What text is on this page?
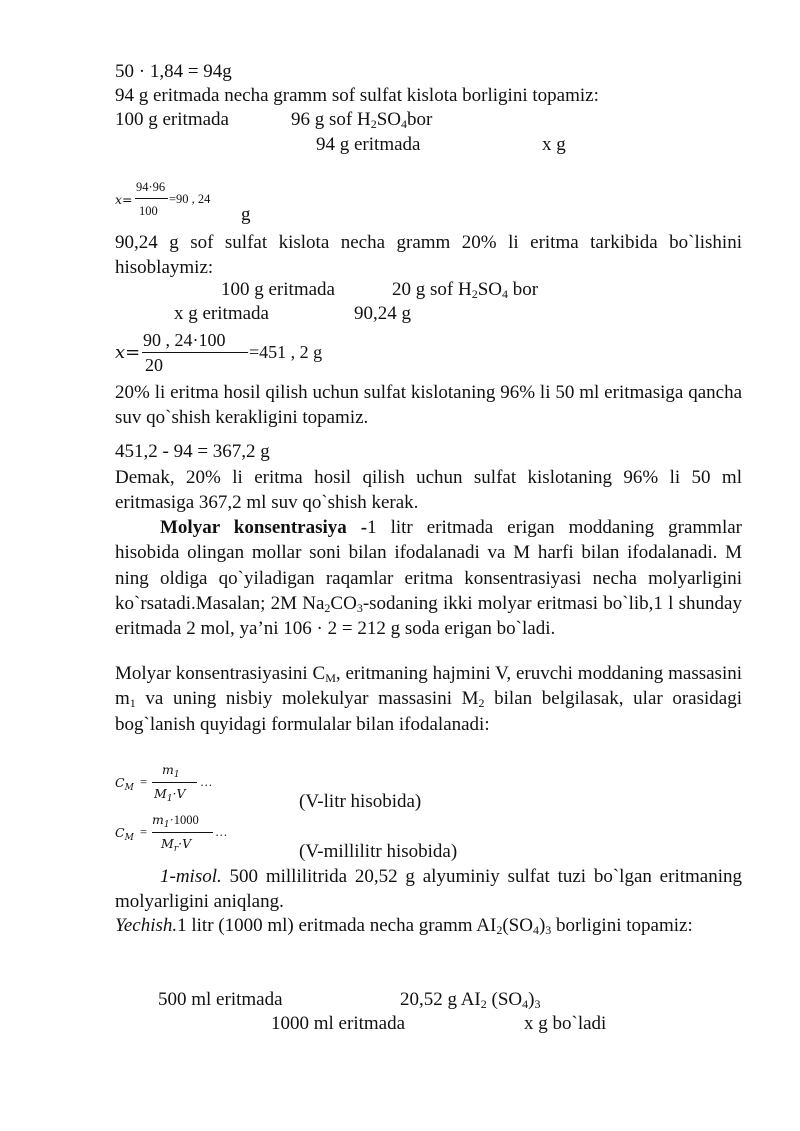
50 · 1,84 = 94g
94 g eritmada necha gramm sof sulfat kislota borligini topamiz:
100 g eritmada	96 g sof $H_2SO_4bor$
94 g eritmada	x g
x=
94·96
100
=90 , 24
g
90,24 g sof sulfat kislota necha gramm 20% li eritma tarkibida bo`lishini hisoblaymiz:
100 g eritmada	20 g sof $H_2SO_4$ bor
x g eritmada	90,24 g
x=
90 , 24·100
20
=451 , 2 g
20% li eritma hosil qilish uchun sulfat kislotaning 96% li 50 ml eritmasiga qancha suv qo`shish kerakligini topamiz.
451,2 - 94 = 367,2 g
Demak, 20% li eritma hosil qilish uchun sulfat kislotaning 96% li 50 ml eritmasiga 367,2 ml suv qo`shish kerak.
Molyar konsentrasiya -1 litr eritmada erigan moddaning grammlar hisobida olingan mollar soni bilan ifodalanadi va M harfi bilan ifodalanadi. M ning oldiga qo`yiladigan raqamlar eritma konsentrasiyasi necha molyarligini ko`rsatadi.Masalan; 2M $Na_2CO_3$-sodaning ikki molyar eritmasi bo`lib,1 l shunday eritmada 2 mol, ya’ni 106 · 2 = 212 g soda erigan bo`ladi.
Molyar konsentrasiyasini $C_M$, eritmaning hajmini V, eruvchi moddaning massasini $m_1$ va uning nisbiy molekulyar massasini $M_2$ bilan belgilasak, ular orasidagi bog`lanish quyidagi formulalar bilan ifodalanadi:
$C_M$ =
$m_1$
$M_1\cdot V$
…
(V-litr hisobida)
$C_M$ =
$m_1\cdot 1000$
$M_r\cdot V$
…
(V-millilitr hisobida)
1-misol. 500 millilitrida 20,52 g alyuminiy sulfat tuzi bo`lgan eritmaning molyarligini aniqlang.
Yechish.1 litr (1000 ml) eritmada necha gramm $AI_2(SO_4)_3$ borligini topamiz:
500 ml eritmada	20,52 g $AI_2$ $(SO_4)_3$
1000 ml eritmada	x g bo`ladi
